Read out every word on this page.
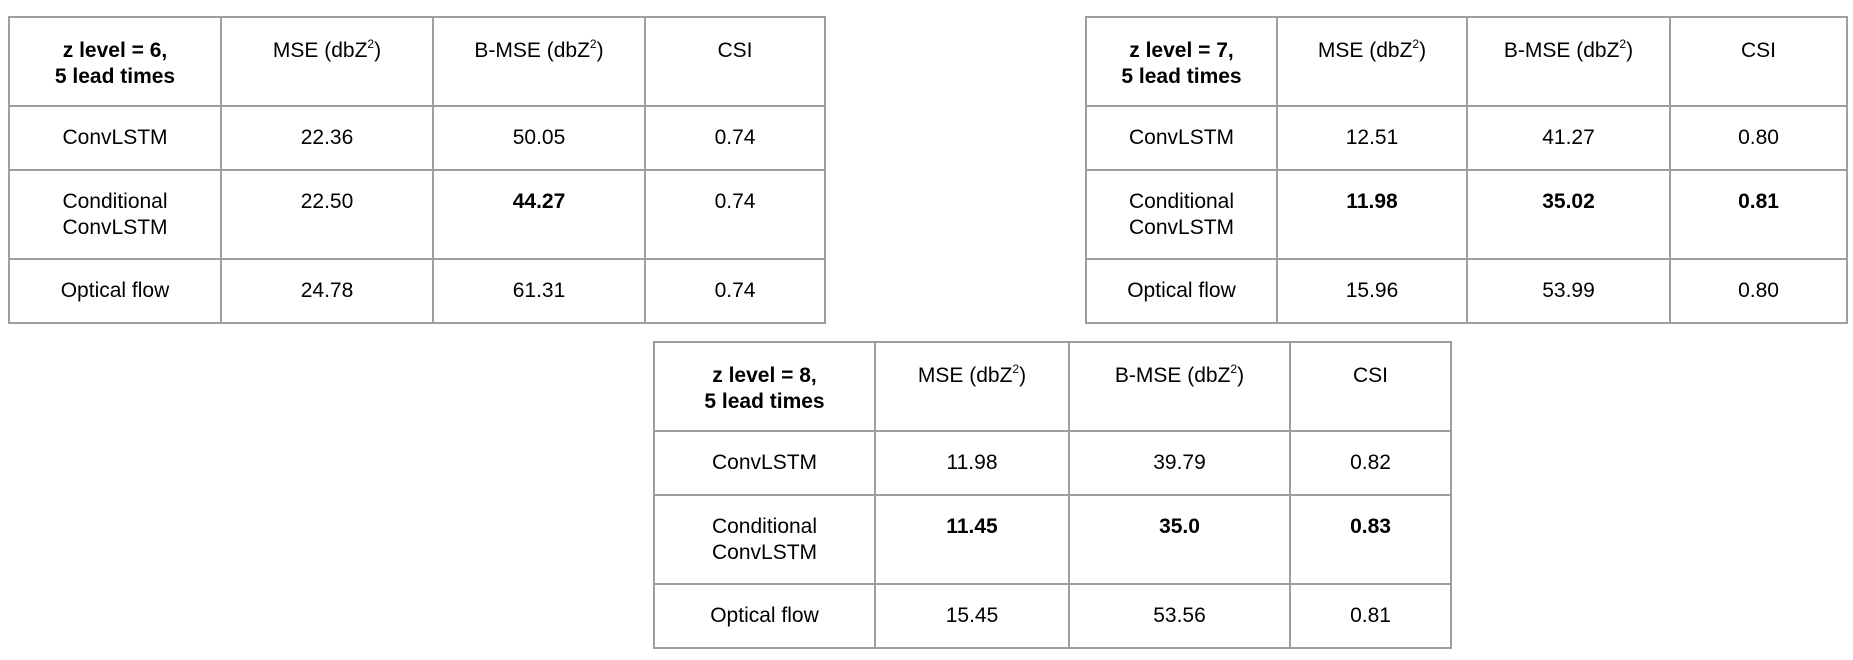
z level = 6,
5 lead times	MSE (dbZ$^2$)	B-MSE (dbZ$^2$)	CSI
ConvLSTM	22.36	50.05	0.74
Conditional
ConvLSTM	22.50	44.27	0.74
Optical flow	24.78	61.31	0.74
z level = 7,
5 lead times	MSE (dbZ$^2$)	B-MSE (dbZ$^2$)	CSI
ConvLSTM	12.51	41.27	0.80
Conditional
ConvLSTM	11.98	35.02	0.81
Optical flow	15.96	53.99	0.80
z level = 8,
5 lead times	MSE (dbZ$^2$)	B-MSE (dbZ$^2$)	CSI
ConvLSTM	11.98	39.79	0.82
Conditional
ConvLSTM	11.45	35.0	0.83
Optical flow	15.45	53.56	0.81
